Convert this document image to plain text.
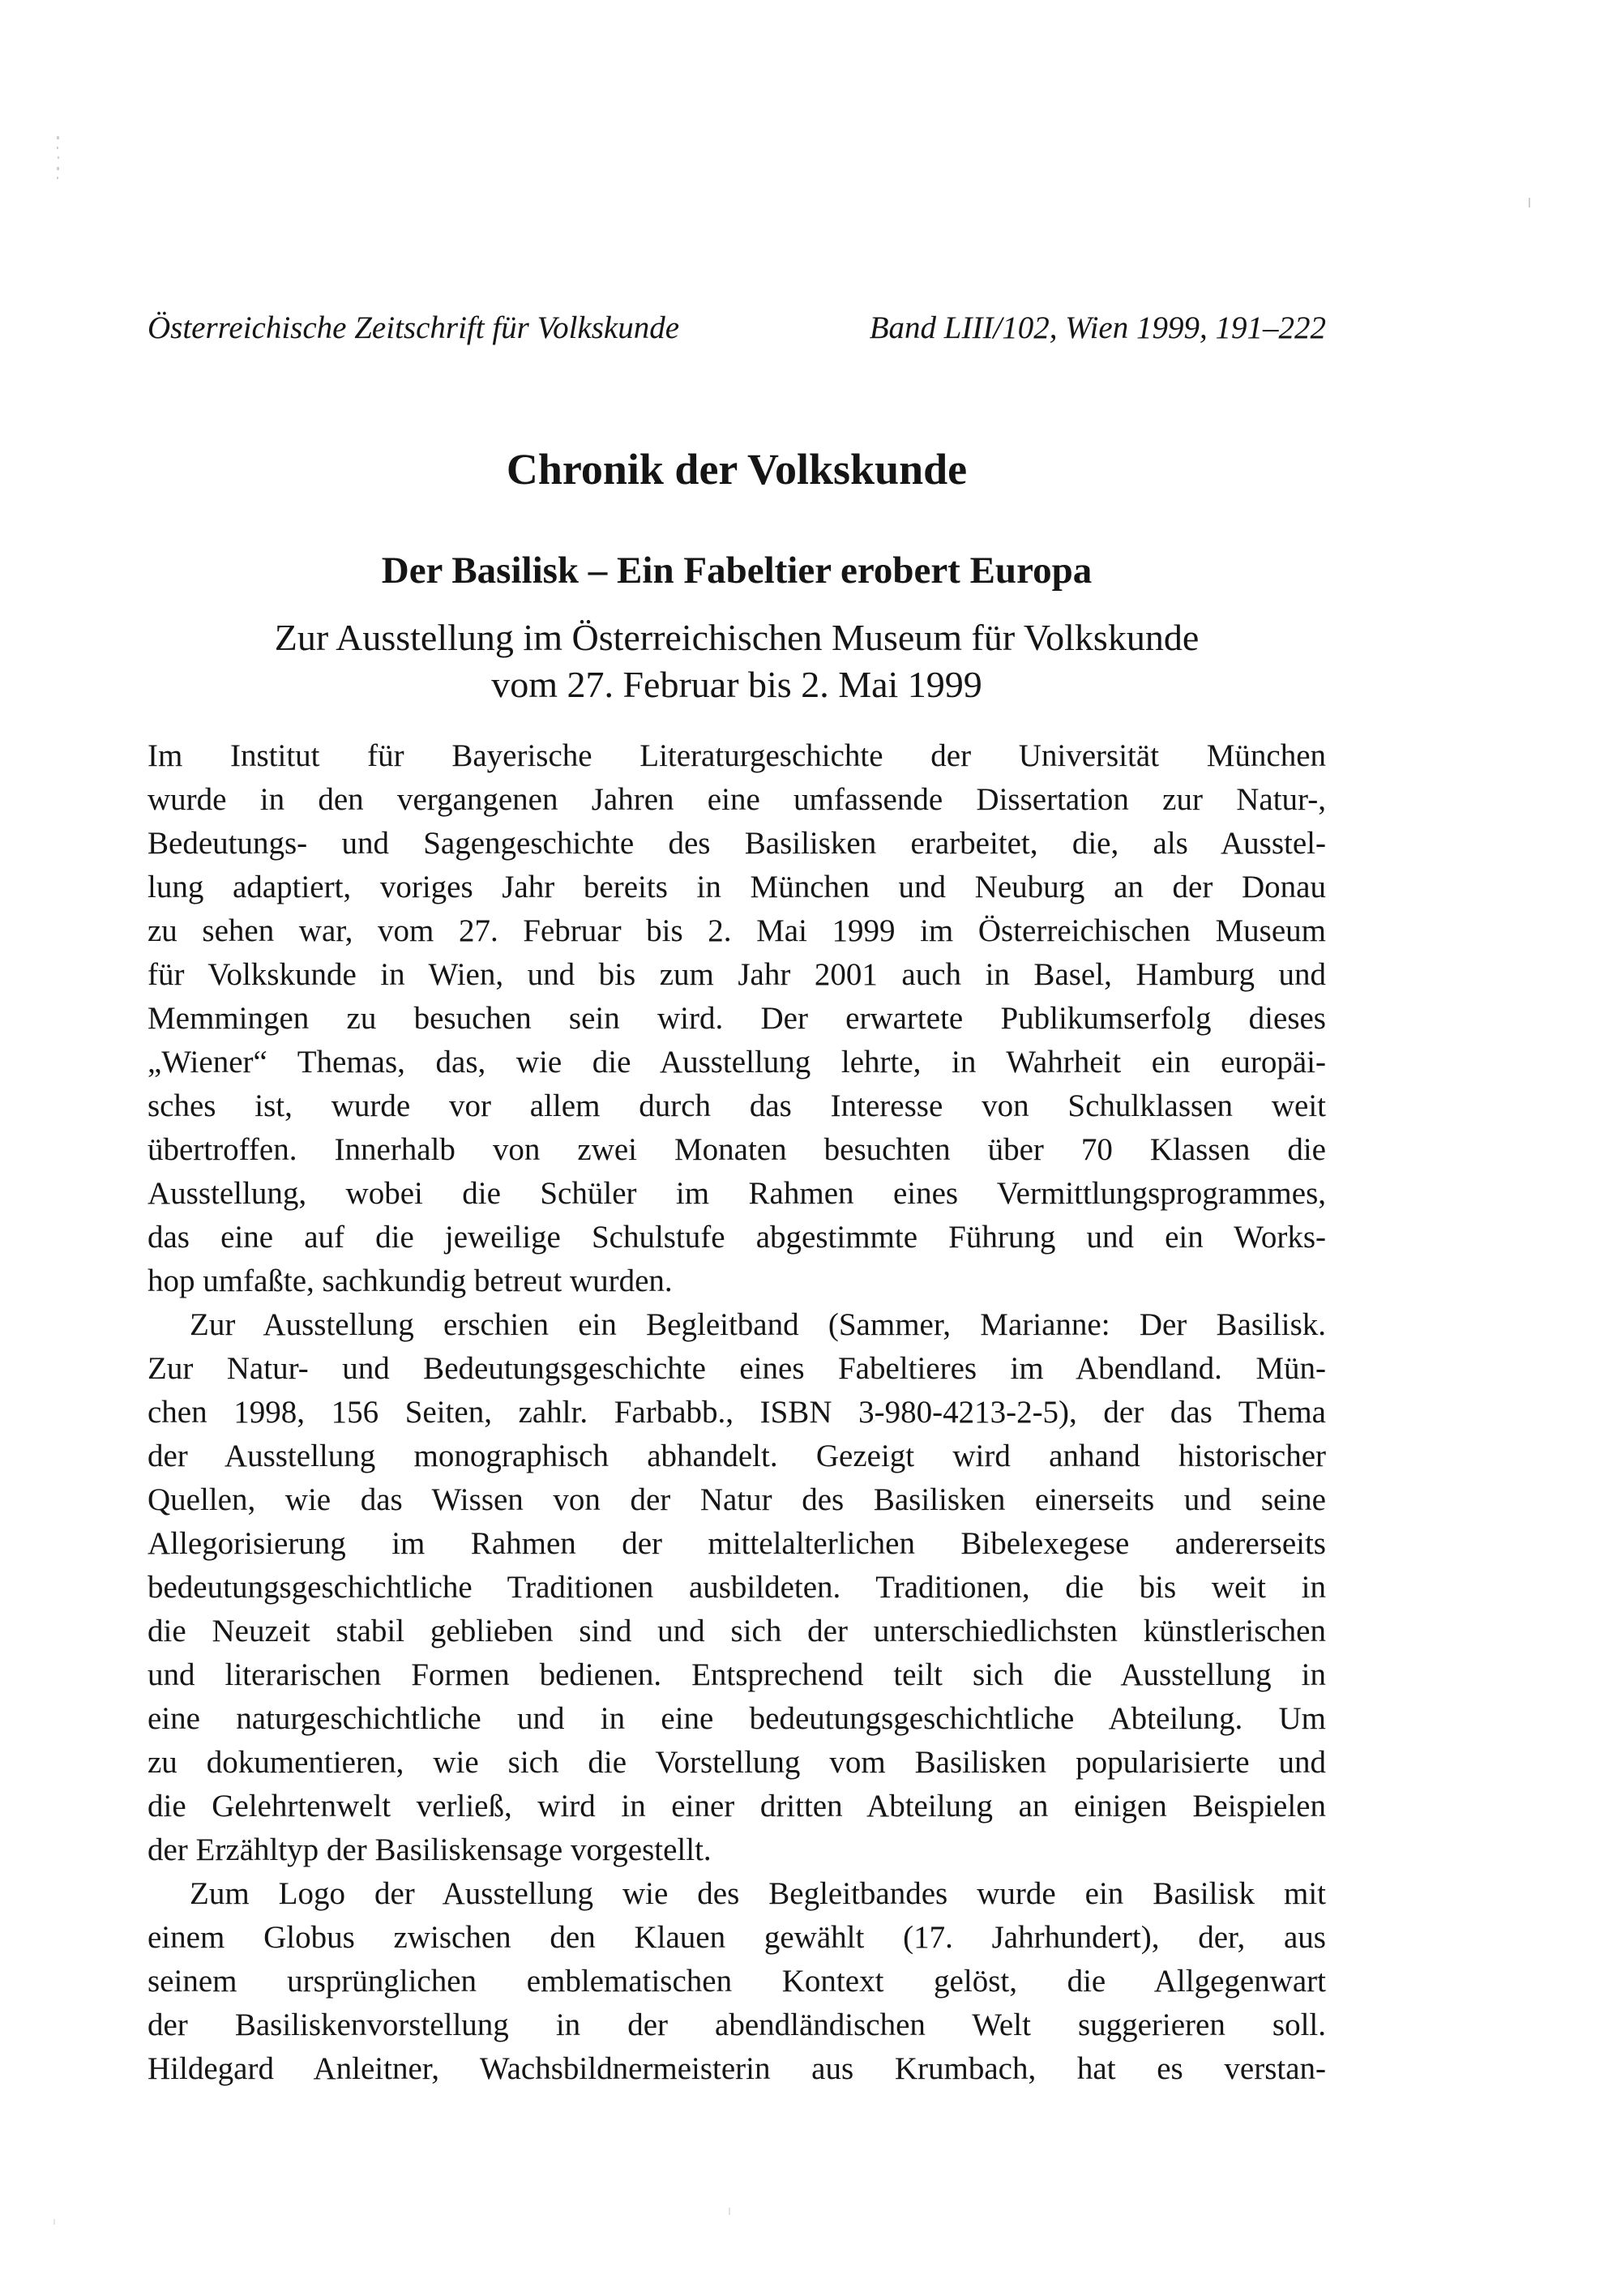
Österreichische Zeitschrift für Volkskunde	Band LIII/102, Wien 1999, 191–222
Chronik der Volkskunde
Der Basilisk – Ein Fabeltier erobert Europa
Zur Ausstellung im Österreichischen Museum für Volkskunde
vom 27. Februar bis 2. Mai 1999
Im Institut für Bayerische Literaturgeschichte der Universität München
wurde in den vergangenen Jahren eine umfassende Dissertation zur Natur-,
Bedeutungs- und Sagengeschichte des Basilisken erarbeitet, die, als Ausstel-
lung adaptiert, voriges Jahr bereits in München und Neuburg an der Donau
zu sehen war, vom 27. Februar bis 2. Mai 1999 im Österreichischen Museum
für Volkskunde in Wien, und bis zum Jahr 2001 auch in Basel, Hamburg und
Memmingen zu besuchen sein wird. Der erwartete Publikumserfolg dieses
„Wiener“ Themas, das, wie die Ausstellung lehrte, in Wahrheit ein europäi-
sches ist, wurde vor allem durch das Interesse von Schulklassen weit
übertroffen. Innerhalb von zwei Monaten besuchten über 70 Klassen die
Ausstellung, wobei die Schüler im Rahmen eines Vermittlungsprogrammes,
das eine auf die jeweilige Schulstufe abgestimmte Führung und ein Works-
hop umfaßte, sachkundig betreut wurden.
Zur Ausstellung erschien ein Begleitband (Sammer, Marianne: Der Basilisk.
Zur Natur- und Bedeutungsgeschichte eines Fabeltieres im Abendland. Mün-
chen 1998, 156 Seiten, zahlr. Farbabb., ISBN 3-980-4213-2-5), der das Thema
der Ausstellung monographisch abhandelt. Gezeigt wird anhand historischer
Quellen, wie das Wissen von der Natur des Basilisken einerseits und seine
Allegorisierung im Rahmen der mittelalterlichen Bibelexegese andererseits
bedeutungsgeschichtliche Traditionen ausbildeten. Traditionen, die bis weit in
die Neuzeit stabil geblieben sind und sich der unterschiedlichsten künstlerischen
und literarischen Formen bedienen. Entsprechend teilt sich die Ausstellung in
eine naturgeschichtliche und in eine bedeutungsgeschichtliche Abteilung. Um
zu dokumentieren, wie sich die Vorstellung vom Basilisken popularisierte und
die Gelehrtenwelt verließ, wird in einer dritten Abteilung an einigen Beispielen
der Erzähltyp der Basiliskensage vorgestellt.
Zum Logo der Ausstellung wie des Begleitbandes wurde ein Basilisk mit
einem Globus zwischen den Klauen gewählt (17. Jahrhundert), der, aus
seinem ursprünglichen emblematischen Kontext gelöst, die Allgegenwart
der Basiliskenvorstellung in der abendländischen Welt suggerieren soll.
Hildegard Anleitner, Wachsbildnermeisterin aus Krumbach, hat es verstan-
